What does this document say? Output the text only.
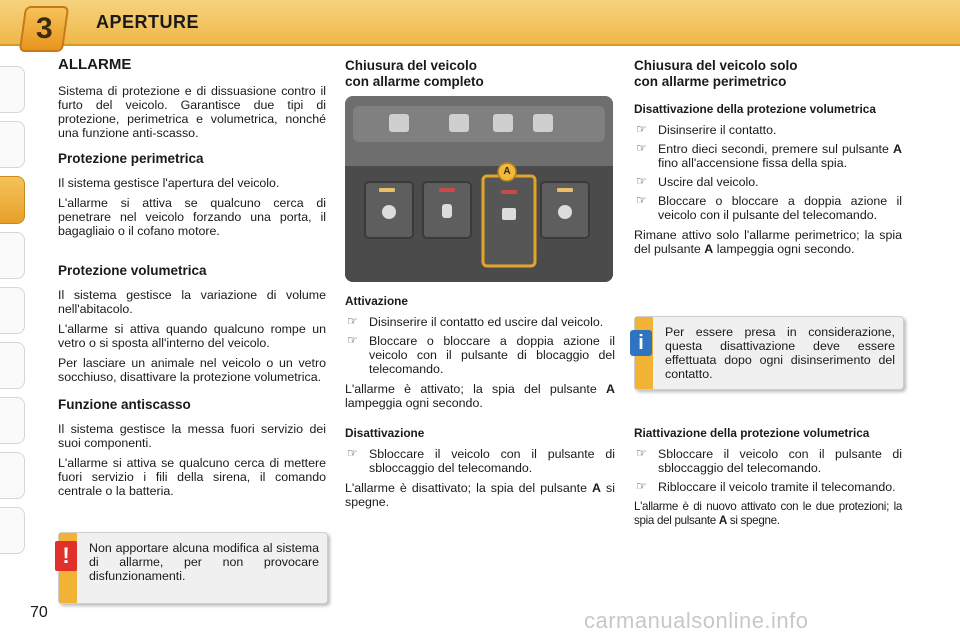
3 APERTURE
ALLARME

Sistema di protezione e di dissuasione contro il furto del veicolo. Garantisce due tipi di protezione, perimetrica e volumetrica, nonché una funzione anti-scasso.

Protezione perimetrica

Il sistema gestisce l'apertura del veicolo.

L'allarme si attiva se qualcuno cerca di penetrare nel veicolo forzando una porta, il bagagliaio o il cofano motore.

Protezione volumetrica

Il sistema gestisce la variazione di volume nell'abitacolo.

L'allarme si attiva quando qualcuno rompe un vetro o si sposta all'interno del veicolo.

Per lasciare un animale nel veicolo o un vetro socchiuso, disattivare la protezione volumetrica.

Funzione antiscasso

Il sistema gestisce la messa fuori servizio dei suoi componenti.

L'allarme si attiva se qualcuno cerca di mettere fuori servizio i fili della sirena, il comando centrale o la batteria.

Non apportare alcuna modifica al sistema di allarme, per non provocare disfunzionamenti.
!
Chiusura del veicolo
con allarme completo
A
Attivazione
☞ Disinserire il contatto ed uscire dal veicolo.
☞ Bloccare o bloccare a doppia azione il veicolo con il pulsante di blocaggio del telecomando.

L'allarme è attivato; la spia del pulsante A lampeggia ogni secondo.

Disattivazione
☞ Sbloccare il veicolo con il pulsante di sbloccaggio del telecomando.

L'allarme è disattivato; la spia del pulsante A si spegne.

Chiusura del veicolo solo
con allarme perimetrico
Disattivazione della protezione volumetrica
☞ Disinserire il contatto.
☞ Entro dieci secondi, premere sul pulsante A fino all'accensione fissa della spia.
☞ Uscire dal veicolo.
☞ Bloccare o bloccare a doppia azione il veicolo con il pulsante del telecomando.

Rimane attivo solo l'allarme perimetrico; la spia del pulsante A lampeggia ogni secondo.

Per essere presa in considerazione, questa disattivazione deve essere effettuata dopo ogni disinserimento del contatto.
i
Riattivazione della protezione volumetrica
☞ Sbloccare il veicolo con il pulsante di sbloccaggio del telecomando.
☞ Ribloccare il veicolo tramite il telecomando.

L'allarme è di nuovo attivato con le due protezioni; la spia del pulsante A si spegne.

70	carmanualsonline.info
